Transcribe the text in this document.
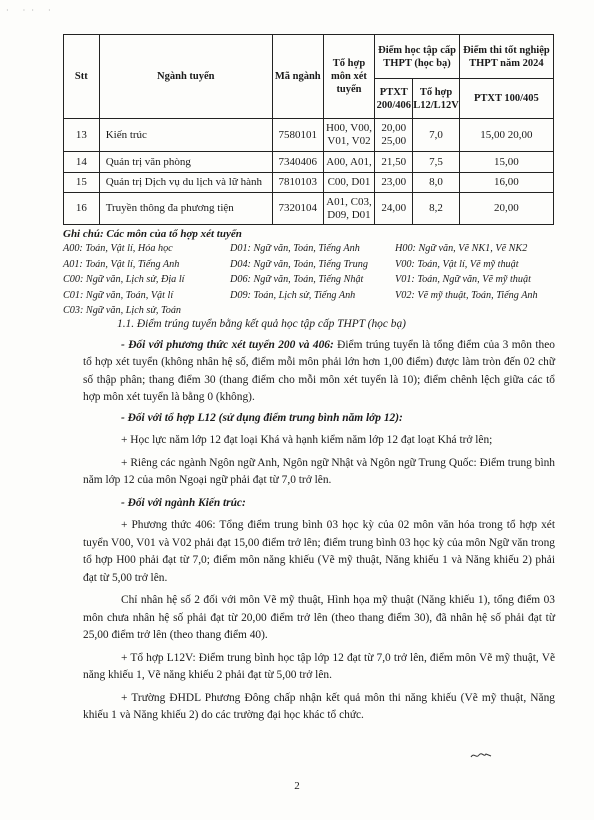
· ·· ·
Stt	Ngành tuyển	Mã ngành	Tổ hợp môn xét tuyển	Điểm học tập cấp THPT (học bạ)		Điểm thi tốt nghiệp THPT năm 2024
				PTXT 200/406	Tổ hợp L12/L12V	PTXT 100/405
13	Kiến trúc	7580101	H00, V00, V01, V02	20,00 25,00	7,0	15,00 20,00
14	Quản trị văn phòng	7340406	A00, A01,	21,50	7,5	15,00
15	Quản trị Dịch vụ du lịch và lữ hành	7810103	C00, D01	23,00	8,0	16,00
16	Truyền thông đa phương tiện	7320104	A01, C03, D09, D01	24,00	8,2	20,00
Ghi chú: Các môn của tổ hợp xét tuyển
A00: Toán, Vật lí, Hóa học	D01: Ngữ văn, Toán, Tiếng Anh	H00: Ngữ văn, Vẽ NK1, Vẽ NK2
A01: Toán, Vật lí, Tiếng Anh	D04: Ngữ văn, Toán, Tiếng Trung	V00: Toán, Vật lí, Vẽ mỹ thuật
C00: Ngữ văn, Lịch sử, Địa lí	D06: Ngữ văn, Toán, Tiếng Nhật	V01: Toán, Ngữ văn, Vẽ mỹ thuật
C01: Ngữ văn, Toán, Vật lí	D09: Toán, Lịch sử, Tiếng Anh	V02: Vẽ mỹ thuật, Toán, Tiếng Anh
C03: Ngữ văn, Lịch sử, Toán

1.1. Điểm trúng tuyển bằng kết quả học tập cấp THPT (học bạ)

- Đối với phương thức xét tuyển 200 và 406: Điểm trúng tuyển là tổng điểm của 3 môn theo tổ hợp xét tuyển (không nhân hệ số, điểm mỗi môn phải lớn hơn 1,00 điểm) được làm tròn đến 02 chữ số thập phân; thang điểm 30 (thang điểm cho mỗi môn xét tuyển là 10); điểm chênh lệch giữa các tổ hợp môn xét tuyển là bằng 0 (không).

- Đối với tổ hợp L12 (sử dụng điểm trung bình năm lớp 12):

+ Học lực năm lớp 12 đạt loại Khá và hạnh kiểm năm lớp 12 đạt loạt Khá trở lên;

+ Riêng các ngành Ngôn ngữ Anh, Ngôn ngữ Nhật và Ngôn ngữ Trung Quốc: Điểm trung bình năm lớp 12 của môn Ngoại ngữ phải đạt từ 7,0 trở lên.

- Đối với ngành Kiến trúc:

+ Phương thức 406: Tổng điểm trung bình 03 học kỳ của 02 môn văn hóa trong tổ hợp xét tuyển V00, V01 và V02 phải đạt 15,00 điểm trở lên; điểm trung bình 03 học kỳ của môn Ngữ văn trong tổ hợp H00 phải đạt từ 7,0; điểm môn năng khiếu (Vẽ mỹ thuật, Năng khiếu 1 và Năng khiếu 2) phải đạt từ 5,00 trở lên.

Chỉ nhân hệ số 2 đối với môn Vẽ mỹ thuật, Hình họa mỹ thuật (Năng khiếu 1), tổng điểm 03 môn chưa nhân hệ số phải đạt từ 20,00 điểm trở lên (theo thang điểm 30), đã nhân hệ số phải đạt từ 25,00 điểm trở lên (theo thang điểm 40).

+ Tổ hợp L12V: Điểm trung bình học tập lớp 12 đạt từ 7,0 trở lên, điểm môn Vẽ mỹ thuật, Vẽ năng khiếu 1, Vẽ năng khiếu 2 phải đạt từ 5,00 trở lên.

+ Trường ĐHDL Phương Đông chấp nhận kết quả môn thi năng khiếu (Vẽ mỹ thuật, Năng khiếu 1 và Năng khiếu 2) do các trường đại học khác tổ chức.

2
